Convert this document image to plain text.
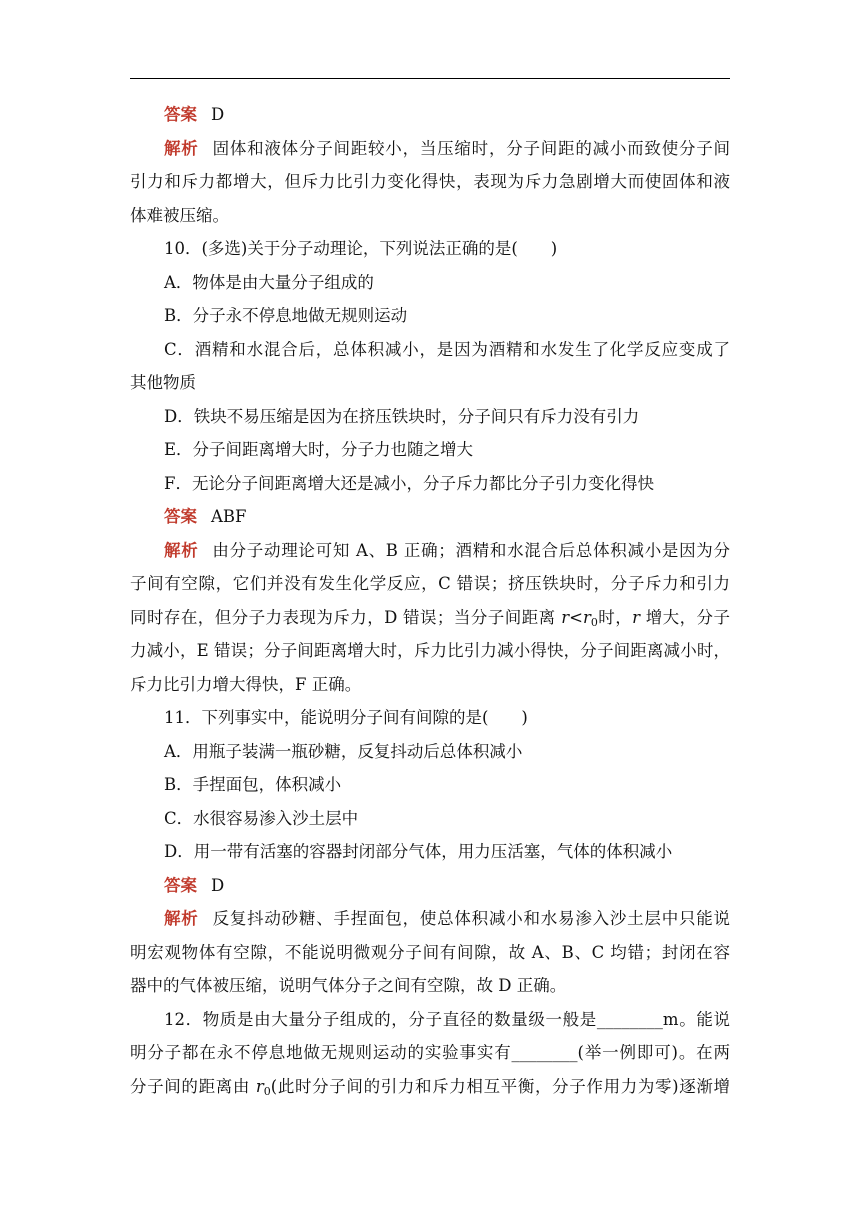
答案 D
解析 固体和液体分子间距较小，当压缩时，分子间距的减小而致使分子间
引力和斥力都增大，但斥力比引力变化得快，表现为斥力急剧增大而使固体和液
体难被压缩。
10．(多选)关于分子动理论，下列说法正确的是(　　)
A．物体是由大量分子组成的
B．分子永不停息地做无规则运动
C．酒精和水混合后，总体积减小，是因为酒精和水发生了化学反应变成了
其他物质
D．铁块不易压缩是因为在挤压铁块时，分子间只有斥力没有引力
E．分子间距离增大时，分子力也随之增大
F．无论分子间距离增大还是减小，分子斥力都比分子引力变化得快
答案 ABF
解析 由分子动理论可知 A、B 正确；酒精和水混合后总体积减小是因为分
子间有空隙，它们并没有发生化学反应，C 错误；挤压铁块时，分子斥力和引力
同时存在，但分子力表现为斥力，D 错误；当分子间距离 $r<r_0$时，r 增大，分子
力减小，E 错误；分子间距离增大时，斥力比引力减小得快，分子间距离减小时，
斥力比引力增大得快，F 正确。
11．下列事实中，能说明分子间有间隙的是(　　)
A．用瓶子装满一瓶砂糖，反复抖动后总体积减小
B．手捏面包，体积减小
C．水很容易渗入沙土层中
D．用一带有活塞的容器封闭部分气体，用力压活塞，气体的体积减小
答案 D
解析 反复抖动砂糖、手捏面包，使总体积减小和水易渗入沙土层中只能说
明宏观物体有空隙，不能说明微观分子间有间隙，故 A、B、C 均错；封闭在容
器中的气体被压缩，说明气体分子之间有空隙，故 D 正确。
12．物质是由大量分子组成的，分子直径的数量级一般是________m。能说
明分子都在永不停息地做无规则运动的实验事实有________(举一例即可)。在两
分子间的距离由 $r_0$(此时分子间的引力和斥力相互平衡，分子作用力为零)逐渐增
